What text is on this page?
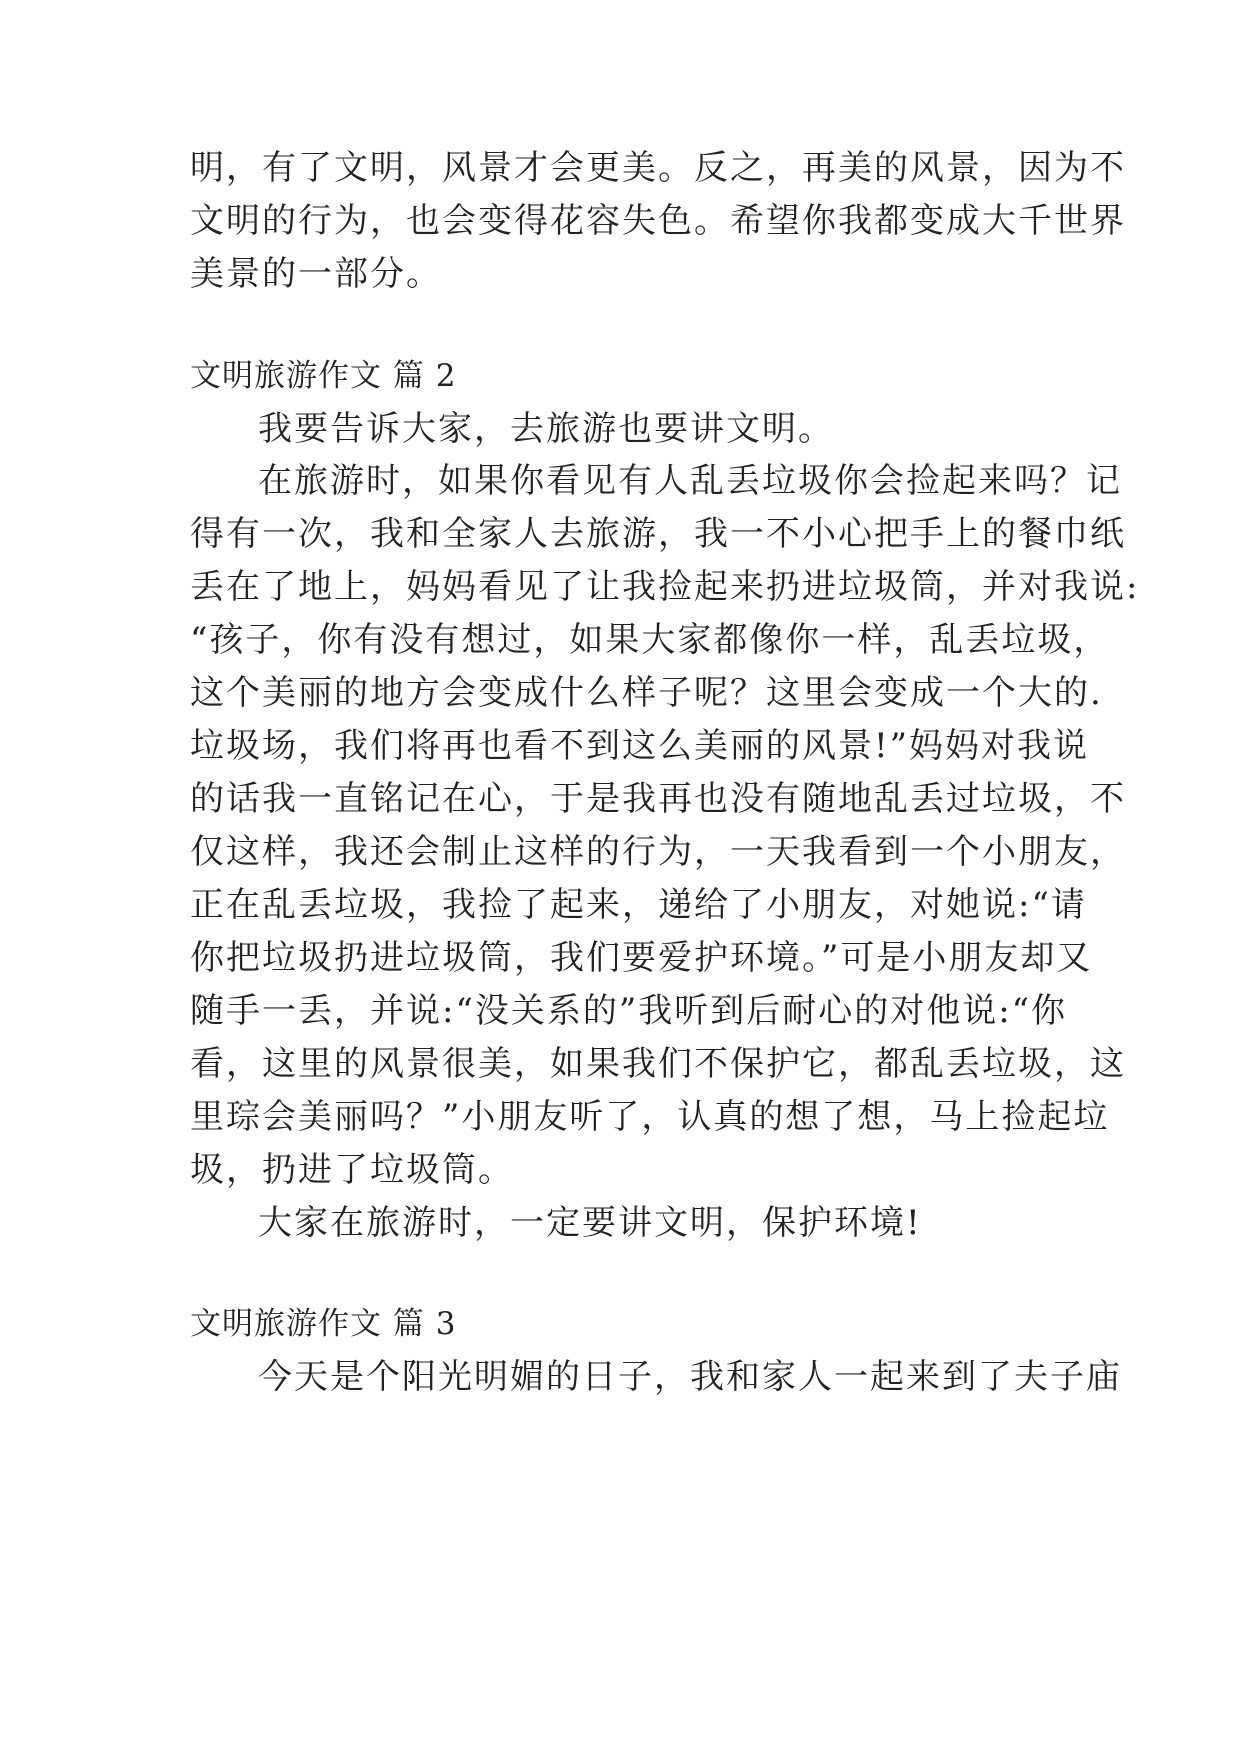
明，有了文明，风景才会更美。反之，再美的风景，因为不
文明的行为，也会变得花容失色。希望你我都变成大千世界
美景的一部分。
文明旅游作文 篇 2
我要告诉大家，去旅游也要讲文明。
在旅游时，如果你看见有人乱丢垃圾你会捡起来吗？记
得有一次，我和全家人去旅游，我一不小心把手上的餐巾纸
丢在了地上，妈妈看见了让我捡起来扔进垃圾筒，并对我说:
“孩子，你有没有想过，如果大家都像你一样，乱丢垃圾，
这个美丽的地方会变成什么样子呢？这里会变成一个大的.
垃圾场，我们将再也看不到这么美丽的风景!”妈妈对我说
的话我一直铭记在心，于是我再也没有随地乱丢过垃圾，不
仅这样，我还会制止这样的行为，一天我看到一个小朋友，
正在乱丢垃圾，我捡了起来，递给了小朋友，对她说:“请
你把垃圾扔进垃圾筒，我们要爱护环境。”可是小朋友却又
随手一丢，并说:“没关系的”我听到后耐心的对他说:“你
看，这里的风景很美，如果我们不保护它，都乱丢垃圾，这
里琮会美丽吗？”小朋友听了，认真的想了想，马上捡起垃
圾，扔进了垃圾筒。
大家在旅游时，一定要讲文明，保护环境!
文明旅游作文 篇 3
今天是个阳光明媚的日子，我和家人一起来到了夫子庙
